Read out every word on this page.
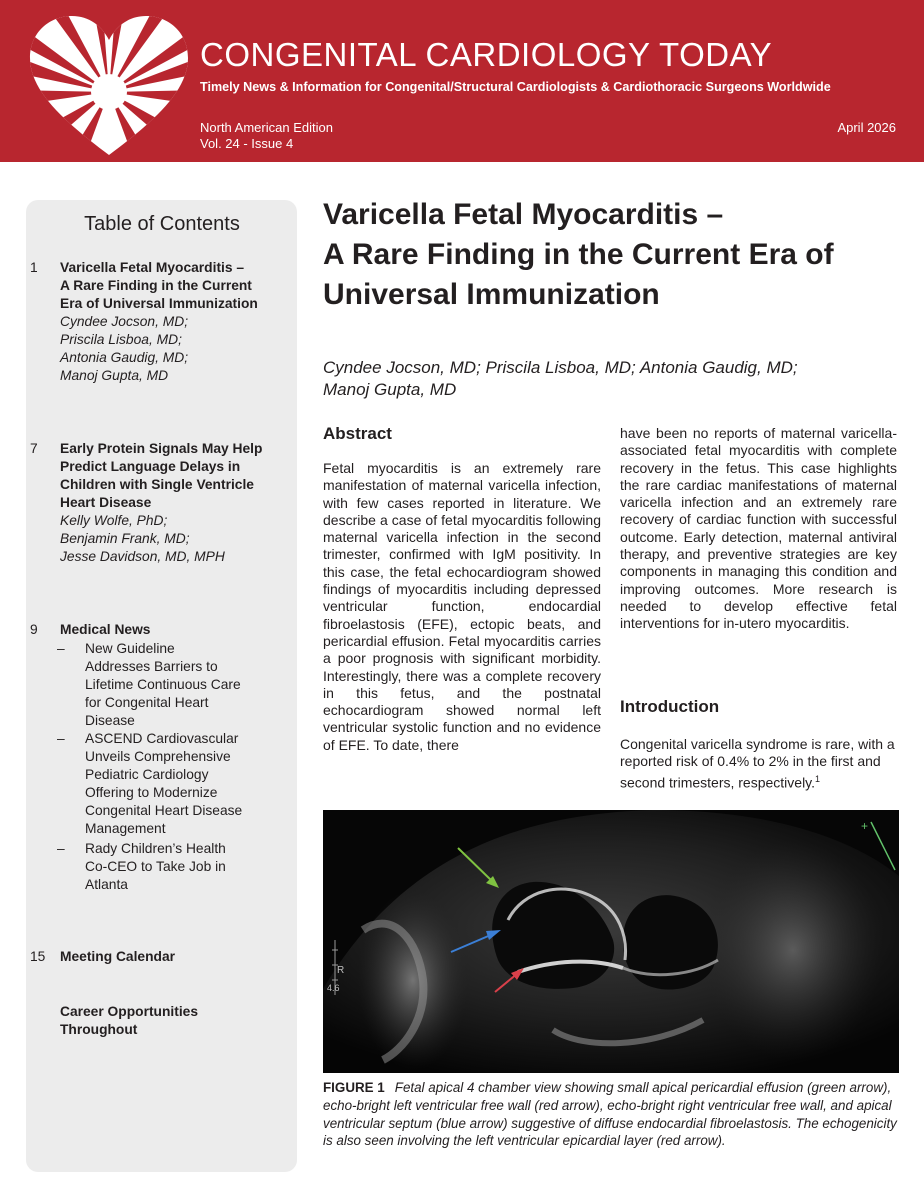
CONGENITAL CARDIOLOGY TODAY
Timely News & Information for Congenital/Structural Cardiologists & Cardiothoracic Surgeons Worldwide
North American Edition
Vol. 24 - Issue 4
April 2026
Table of Contents
1	Varicella Fetal Myocarditis –
A Rare Finding in the Current
Era of Universal Immunization
Cyndee Jocson, MD;
Priscila Lisboa, MD;
Antonia Gaudig, MD;
Manoj Gupta, MD
7	Early Protein Signals May Help
Predict Language Delays in
Children with Single Ventricle
Heart Disease
Kelly Wolfe, PhD;
Benjamin Frank, MD;
Jesse Davidson, MD, MPH
9	Medical News
– New Guideline
Addresses Barriers to
Lifetime Continuous Care
for Congenital Heart
Disease
– ASCEND Cardiovascular
Unveils Comprehensive
Pediatric Cardiology
Offering to Modernize
Congenital Heart Disease
Management
– Rady Children’s Health
Co-CEO to Take Job in
Atlanta
15	Meeting Calendar
Career Opportunities
Throughout
Varicella Fetal Myocarditis –
A Rare Finding in the Current Era of
Universal Immunization
Cyndee Jocson, MD; Priscila Lisboa, MD; Antonia Gaudig, MD;
Manoj Gupta, MD
Abstract
Fetal myocarditis is an extremely rare manifestation of maternal varicella infection, with few cases reported in literature. We describe a case of fetal myocarditis following maternal varicella infection in the second trimester, confirmed with IgM positivity. In this case, the fetal echocardiogram showed findings of myocarditis including depressed ventricular function, endocardial fibroelastosis (EFE), ectopic beats, and pericardial effusion. Fetal myocarditis carries a poor prognosis with significant morbidity. Interestingly, there was a complete recovery in this fetus, and the postnatal echocardiogram showed normal left ventricular systolic function and no evidence of EFE. To date, there
have been no reports of maternal varicella-associated fetal myocarditis with complete recovery in the fetus. This case highlights the rare cardiac manifestations of maternal varicella infection and an extremely rare recovery of cardiac function with successful outcome. Early detection, maternal antiviral therapy, and preventive strategies are key components in managing this condition and improving outcomes. More research is needed to develop effective fetal interventions for in-utero myocarditis.
Introduction
Congenital varicella syndrome is rare, with a reported risk of 0.4% to 2% in the first and second trimesters, respectively.$^1$
+
R
4.6
FIGURE 1 Fetal apical 4 chamber view showing small apical pericardial effusion (green arrow), echo-bright left ventricular free wall (red arrow), echo-bright right ventricular free wall, and apical ventricular septum (blue arrow) suggestive of diffuse endocardial fibroelastosis. The echogenicity is also seen involving the left ventricular epicardial layer (red arrow).
